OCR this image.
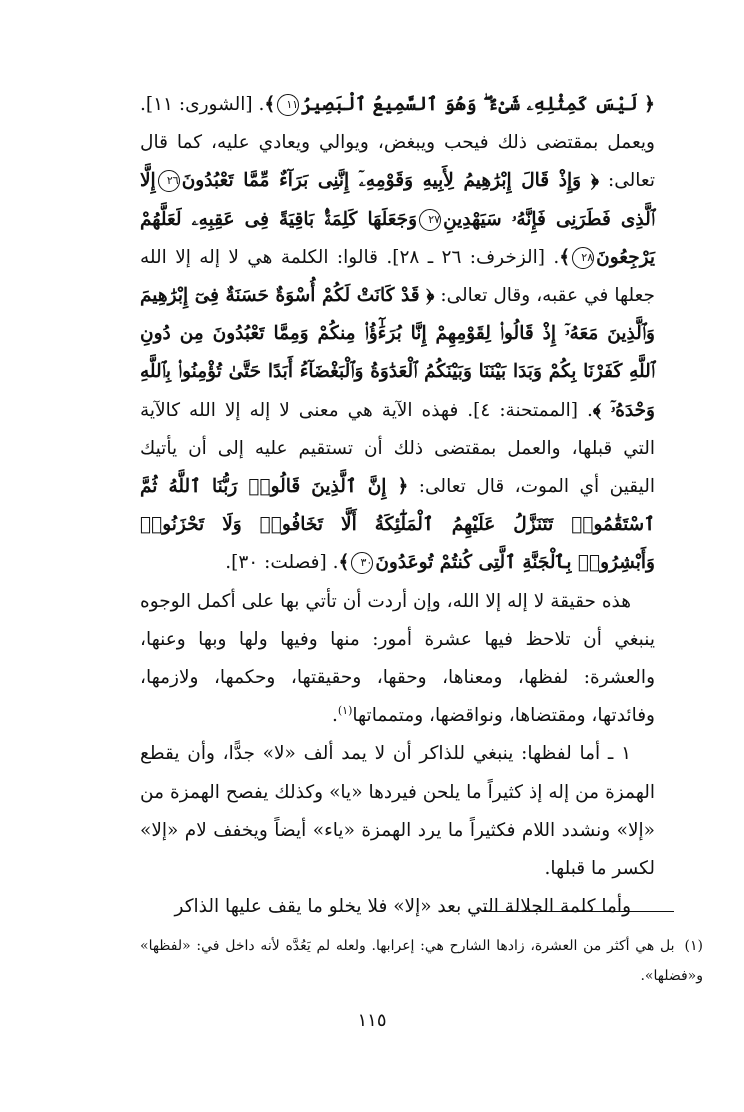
﴿ لَيْسَ كَمِثْلِهِۦ شَىْءٌ ۖ وَهُوَ ٱلسَّمِيعُ ٱلْبَصِيرُ١١﴾. [الشورى: ١١]. ويعمل بمقتضى ذلك فيحب ويبغض، ويوالي ويعادي عليه، كما قال تعالى: ﴿ وَإِذْ قَالَ إِبْرَٰهِيمُ لِأَبِيهِ وَقَوْمِهِۦٓ إِنَّنِى بَرَآءٌ مِّمَّا تَعْبُدُونَ٢٦إِلَّا ٱلَّذِى فَطَرَنِى فَإِنَّهُۥ سَيَهْدِينِ٢٧وَجَعَلَهَا كَلِمَةًۢ بَاقِيَةً فِى عَقِبِهِۦ لَعَلَّهُمْ يَرْجِعُونَ٢٨﴾. [الزخرف: ٢٦ ـ ٢٨]. قالوا: الكلمة هي لا إله إلا الله جعلها في عقبه، وقال تعالى: ﴿ قَدْ كَانَتْ لَكُمْ أُسْوَةٌ حَسَنَةٌ فِىٓ إِبْرَٰهِيمَ وَٱلَّذِينَ مَعَهُۥٓ إِذْ قَالُوا۟ لِقَوْمِهِمْ إِنَّا بُرَءَٰٓؤُا۟ مِنكُمْ وَمِمَّا تَعْبُدُونَ مِن دُونِ ٱللَّهِ كَفَرْنَا بِكُمْ وَبَدَا بَيْنَنَا وَبَيْنَكُمُ ٱلْعَدَٰوَةُ وَٱلْبَغْضَآءُ أَبَدًا حَتَّىٰ تُؤْمِنُوا۟ بِٱللَّهِ وَحْدَهُۥٓ ﴾. [الممتحنة: ٤]. فهذه الآية هي معنى لا إله إلا الله كالآية التي قبلها، والعمل بمقتضى ذلك أن تستقيم عليه إلى أن يأتيك اليقين أي الموت، قال تعالى: ﴿ إِنَّ ٱلَّذِينَ قَالُوا۟ رَبُّنَا ٱللَّهُ ثُمَّ ٱسْتَقَٰمُوا۟ تَتَنَزَّلُ عَلَيْهِمُ ٱلْمَلَٰٓئِكَةُ أَلَّا تَخَافُوا۟ وَلَا تَحْزَنُوا۟ وَأَبْشِرُوا۟ بِٱلْجَنَّةِ ٱلَّتِى كُنتُمْ تُوعَدُونَ٣٠﴾. [فصلت: ٣٠].

هذه حقيقة لا إله إلا الله، وإن أردت أن تأتي بها على أكمل الوجوه ينبغي أن تلاحظ فيها عشرة أمور: منها وفيها ولها وبها وعنها، والعشرة: لفظها، ومعناها، وحقها، وحقيقتها، وحكمها، ولازمها، وفائدتها، ومقتضاها، ونواقضها، ومتمماتها$^{(١)}$.

١ ـ أما لفظها: ينبغي للذاكر أن لا يمد ألف «لا» جدًّا، وأن يقطع الهمزة من إله إذ كثيراً ما يلحن فيردها «يا» وكذلك يفصح الهمزة من «إلا» ونشدد اللام فكثيراً ما يرد الهمزة «ياء» أيضاً ويخفف لام «إلا» لكسر ما قبلها.

وأما كلمة الجلالة التي بعد «إلا» فلا يخلو ما يقف عليها الذاكر

(١)بل هي أكثر من العشرة، زادها الشارح هي: إعرابها. ولعله لم يَعُدَّه لأنه داخل في: «لفظها» و«فضلها».

١١٥
